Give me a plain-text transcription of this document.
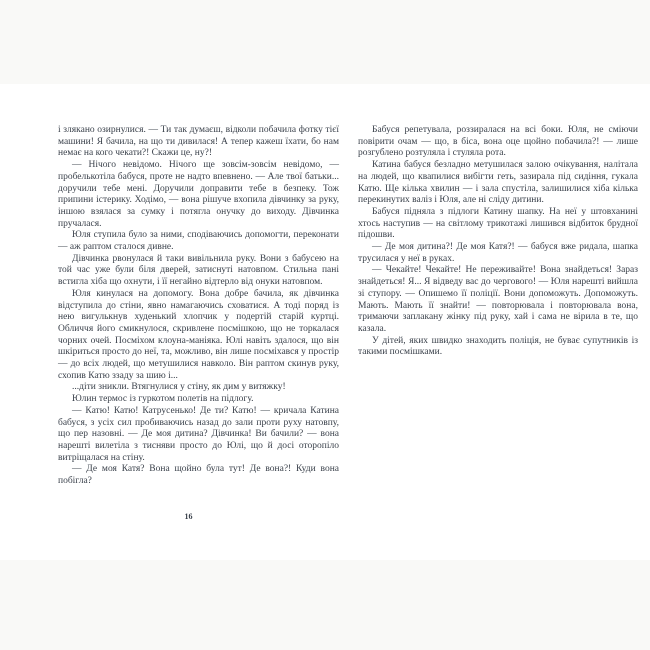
і злякано озирнулися. — Ти так думаєш, відколи побачила фотку тієї машини! Я бачила, на що ти дивилася! А тепер кажеш їхати, бо нам немає на кого чекати?! Скажи це, ну?!

— Нічого невідомо. Нічого ще зовсім-зовсім невідомо, — пробелькотіла бабуся, проте не надто впевнено. — Але твої батьки... доручили тебе мені. Доручили доправити тебе в безпеку. Тож припини істерику. Ходімо, — вона рішуче вхопила дівчинку за руку, іншою взялася за сумку і потягла онучку до виходу. Дівчинка пручалася.

Юля ступила було за ними, сподіваючись допомогти, переконати — аж раптом сталося дивне.

Дівчинка рвонулася й таки вивільнила руку. Вони з бабусею на той час уже були біля дверей, затиснуті натовпом. Стильна пані встигла хіба що охнути, і її негайно відтерло від онуки натовпом.

Юля кинулася на допомогу. Вона добре бачила, як дівчинка відступила до стіни, явно намагаючись сховатися. А тоді поряд із нею вигулькнув худенький хлопчик у подертій старій куртці. Обличчя його смикнулося, скривлене посмішкою, що не торкалася чорних очей. Посміхом клоуна-маніяка. Юлі навіть здалося, що він шкіриться просто до неї, та, можливо, він лише посміхався у простір — до всіх людей, що метушилися навколо. Він раптом скинув руку, схопив Катю ззаду за шию і...

...діти зникли. Втягнулися у стіну, як дим у витяжку!

Юлин термос із гуркотом полетів на підлогу.

— Катю! Катю! Катрусенько! Де ти? Катю! — кричала Катина бабуся, з усіх сил пробиваючись назад до зали проти руху натовпу, що пер назовні. — Де моя дитина? Дівчинка! Ви бачили? — вона нарешті вилетіла з тисняви просто до Юлі, що й досі оторопіло витріщалася на стіну.

— Де моя Катя? Вона щойно була тут! Де вона?! Куди вона побігла?

Бабуся репетувала, роззиралася на всі боки. Юля, не сміючи повірити очам — що, в біса, вона оце щойно побачила?! — лише розгублено розтуляла і стуляла рота.

Катина бабуся безладно метушилася залою очікування, налітала на людей, що квапилися вибігти геть, зазирала під сидіння, гукала Катю. Ще кілька хвилин — і зала спустіла, залишилися хіба кілька перекинутих валіз і Юля, але ні сліду дитини.

Бабуся підняла з підлоги Катину шапку. На неї у штовханині хтось наступив — на світлому трикотажі лишився відбиток брудної підошви.

— Де моя дитина?! Де моя Катя?! — бабуся вже ридала, шапка трусилася у неї в руках.

— Чекайте! Чекайте! Не переживайте! Вона знайдеться! Зараз знайдеться! Я... Я відведу вас до чергового! — Юля нарешті вийшла зі ступору. — Опишемо її поліції. Вони допоможуть. Допоможуть. Мають. Мають її знайти! — повторювала і повторювала вона, тримаючи заплакану жінку під руку, хай і сама не вірила в те, що казала.

У дітей, яких швидко знаходить поліція, не буває супутників із такими посмішками.

16
